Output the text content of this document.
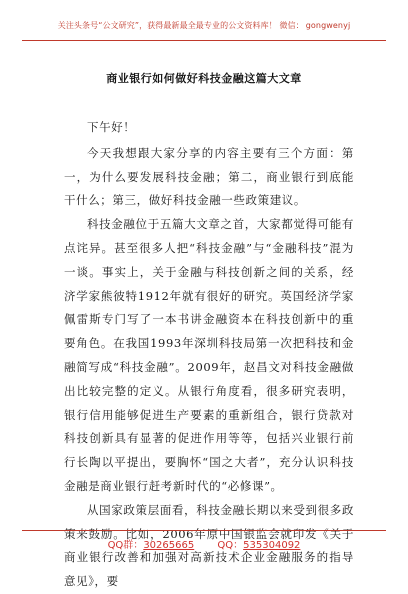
关注头条号“公文研究”，获得最新最全最专业的公文资料库！ 微信： gongwenyj
商业银行如何做好科技金融这篇大文章

下午好！

今天我想跟大家分享的内容主要有三个方面：第一，为什么要发展科技金融；第二，商业银行到底能干什么；第三，做好科技金融一些政策建议。

科技金融位于五篇大文章之首，大家都觉得可能有点诧异。甚至很多人把“科技金融”与“金融科技”混为一谈。事实上，关于金融与科技创新之间的关系，经济学家熊彼特1912年就有很好的研究。英国经济学家佩雷斯专门写了一本书讲金融资本在科技创新中的重要角色。在我国1993年深圳科技局第一次把科技和金融简写成“科技金融”。2009年，赵昌文对科技金融做出比较完整的定义。从银行角度看，很多研究表明，银行信用能够促进生产要素的重新组合，银行贷款对科技创新具有显著的促进作用等等，包括兴业银行前行长陶以平提出，要胸怀“国之大者”，充分认识科技金融是商业银行赶考新时代的“必修课”。

从国家政策层面看，科技金融长期以来受到很多政策来鼓励。比如，2006年原中国银监会就印发《关于商业银行改善和加强对高新技术企业金融服务的指导意见》，要

QQ群：30265665 QQ：535304092
